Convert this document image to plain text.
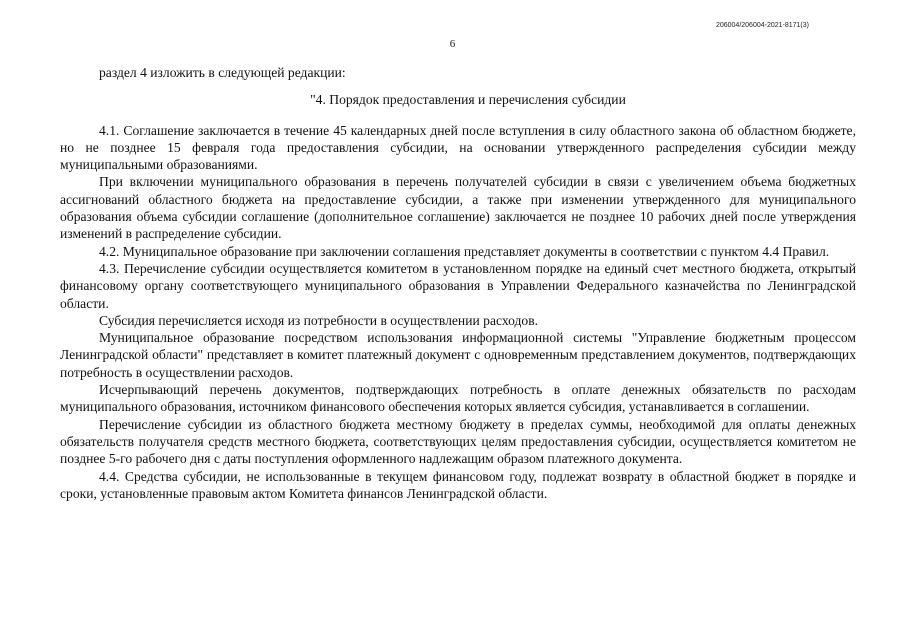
206004/206004-2021-8171(3)
6

раздел 4 изложить в следующей редакции:

"4. Порядок предоставления и перечисления субсидии

4.1. Соглашение заключается в течение 45 календарных дней после вступления в силу областного закона об областном бюджете, но не позднее 15 февраля года предоставления субсидии, на основании утвержденного распределения субсидии между муниципальными образованиями.

При включении муниципального образования в перечень получателей субсидии в связи с увеличением объема бюджетных ассигнований областного бюджета на предоставление субсидии, а также при изменении утвержденного для муниципального образования объема субсидии соглашение (дополнительное соглашение) заключается не позднее 10 рабочих дней после утверждения изменений в распределение субсидии.

4.2. Муниципальное образование при заключении соглашения представляет документы в соответствии с пунктом 4.4 Правил.

4.3. Перечисление субсидии осуществляется комитетом в установленном порядке на единый счет местного бюджета, открытый финансовому органу соответствующего муниципального образования в Управлении Федерального казначейства по Ленинградской области.

Субсидия перечисляется исходя из потребности в осуществлении расходов.

Муниципальное образование посредством использования информационной системы "Управление бюджетным процессом Ленинградской области" представляет в комитет платежный документ с одновременным представлением документов, подтверждающих потребность в осуществлении расходов.

Исчерпывающий перечень документов, подтверждающих потребность в оплате денежных обязательств по расходам муниципального образования, источником финансового обеспечения которых является субсидия, устанавливается в соглашении.

Перечисление субсидии из областного бюджета местному бюджету в пределах суммы, необходимой для оплаты денежных обязательств получателя средств местного бюджета, соответствующих целям предоставления субсидии, осуществляется комитетом не позднее 5-го рабочего дня с даты поступления оформленного надлежащим образом платежного документа.

4.4. Средства субсидии, не использованные в текущем финансовом году, подлежат возврату в областной бюджет в порядке и сроки, установленные правовым актом Комитета финансов Ленинградской области.
